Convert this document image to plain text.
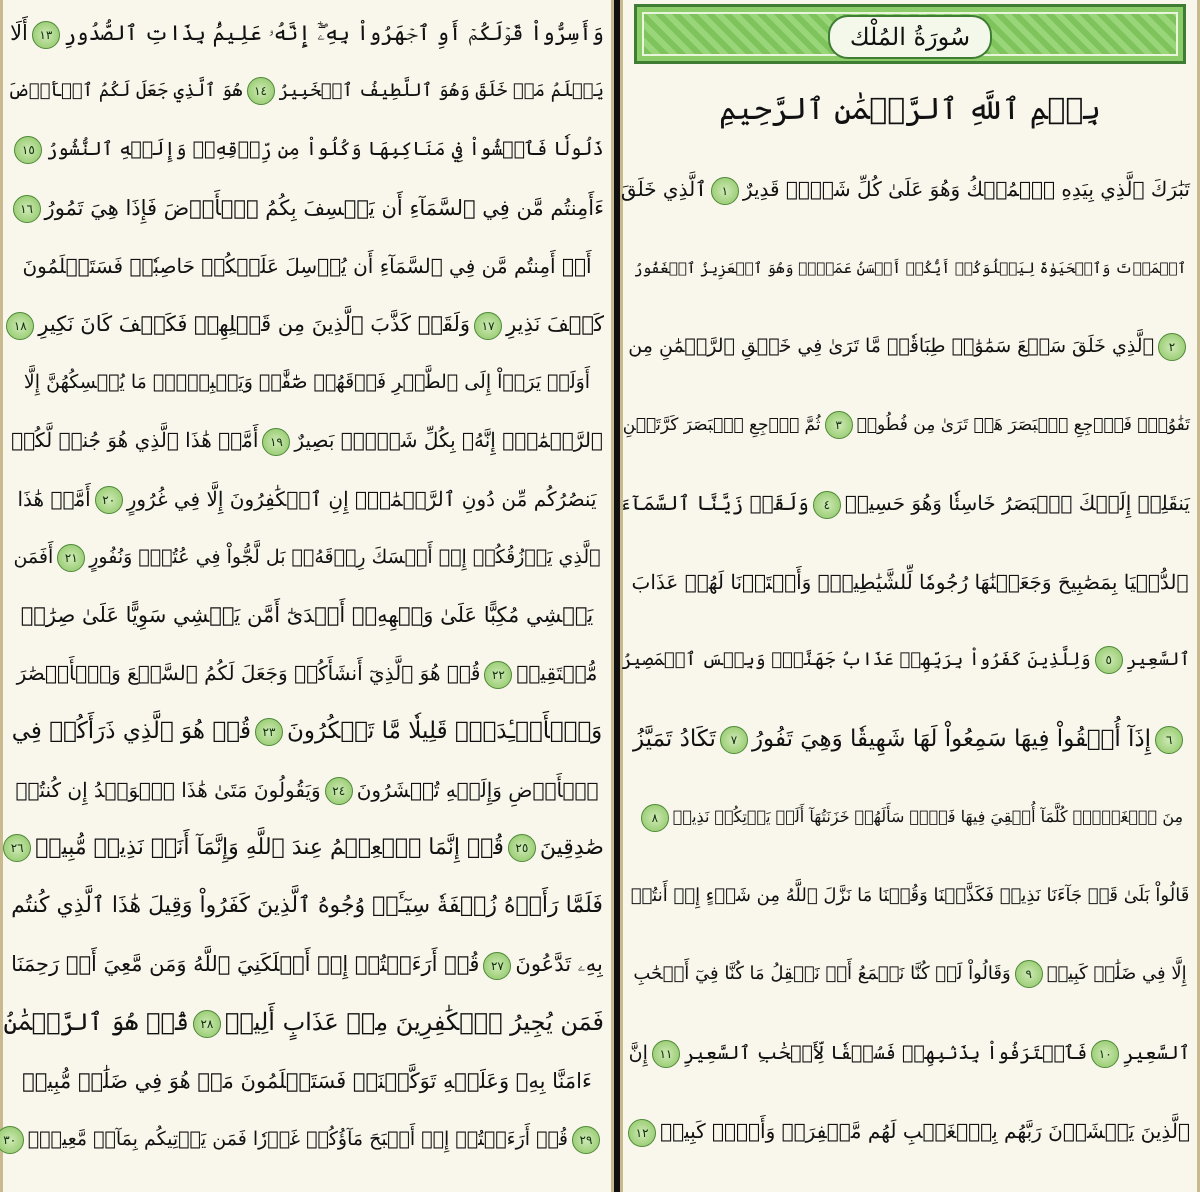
سُورَةُ المُلْك
بِسۡمِ ٱللَّهِ ٱلرَّحۡمَٰنِ ٱلرَّحِيمِ
تَبَٰرَكَ ٱلَّذِي بِيَدِهِ ٱلۡمُلۡكُ وَهُوَ عَلَىٰ كُلِّ شَيۡءٖ قَدِيرٌ١ٱلَّذِي خَلَقَ
ٱلۡمَوۡتَ وَٱلۡحَيَوٰةَ لِيَبۡلُوَكُمۡ أَيُّكُمۡ أَحۡسَنُ عَمَلٗاۚ وَهُوَ ٱلۡعَزِيزُ ٱلۡغَفُورُ
٢ٱلَّذِي خَلَقَ سَبۡعَ سَمَٰوَٰتٖ طِبَاقٗاۖ مَّا تَرَىٰ فِي خَلۡقِ ٱلرَّحۡمَٰنِ مِن
تَفَٰوُتٖۖ فَٱرۡجِعِ ٱلۡبَصَرَ هَلۡ تَرَىٰ مِن فُطُورٖ٣ثُمَّ ٱرۡجِعِ ٱلۡبَصَرَ كَرَّتَيۡنِ
يَنقَلِبۡ إِلَيۡكَ ٱلۡبَصَرُ خَاسِئٗا وَهُوَ حَسِيرٞ٤وَلَقَدۡ زَيَّنَّا ٱلسَّمَآءَ
ٱلدُّنۡيَا بِمَصَٰبِيحَ وَجَعَلۡنَٰهَا رُجُومٗا لِّلشَّيَٰطِينِۖ وَأَعۡتَدۡنَا لَهُمۡ عَذَابَ
ٱلسَّعِيرِ٥وَلِلَّذِينَ كَفَرُواْ بِرَبِّهِمۡ عَذَابُ جَهَنَّمَۖ وَبِئۡسَ ٱلۡمَصِيرُ
٦إِذَآ أُلۡقُواْ فِيهَا سَمِعُواْ لَهَا شَهِيقٗا وَهِيَ تَفُورُ٧تَكَادُ تَمَيَّزُ
مِنَ ٱلۡغَيۡظِۖ كُلَّمَآ أُلۡقِيَ فِيهَا فَوۡجٞ سَأَلَهُمۡ خَزَنَتُهَآ أَلَمۡ يَأۡتِكُمۡ نَذِيرٞ٨
قَالُواْ بَلَىٰ قَدۡ جَآءَنَا نَذِيرٞ فَكَذَّبۡنَا وَقُلۡنَا مَا نَزَّلَ ٱللَّهُ مِن شَيۡءٍ إِنۡ أَنتُمۡ
إِلَّا فِي ضَلَٰلٖ كَبِيرٖ٩وَقَالُواْ لَوۡ كُنَّا نَسۡمَعُ أَوۡ نَعۡقِلُ مَا كُنَّا فِيٓ أَصۡحَٰبِ
ٱلسَّعِيرِ١٠فَٱعۡتَرَفُواْ بِذَنۢبِهِمۡ فَسُحۡقٗا لِّأَصۡحَٰبِ ٱلسَّعِيرِ١١إِنَّ
ٱلَّذِينَ يَخۡشَوۡنَ رَبَّهُم بِٱلۡغَيۡبِ لَهُم مَّغۡفِرَةٞ وَأَجۡرٞ كَبِيرٞ١٢
وَأَسِرُّواْ قَوۡلَكُمۡ أَوِ ٱجۡهَرُواْ بِهِۦٓۖ إِنَّهُۥ عَلِيمُۢ بِذَاتِ ٱلصُّدُورِ١٣أَلَا
يَعۡلَمُ مَنۡ خَلَقَ وَهُوَ ٱللَّطِيفُ ٱلۡخَبِيرُ١٤هُوَ ٱلَّذِي جَعَلَ لَكُمُ ٱلۡأَرۡضَ
ذَلُولٗا فَٱمۡشُواْ فِي مَنَاكِبِهَا وَكُلُواْ مِن رِّزۡقِهِۦۖ وَإِلَيۡهِ ٱلنُّشُورُ١٥
ءَأَمِنتُم مَّن فِي ٱلسَّمَآءِ أَن يَخۡسِفَ بِكُمُ ٱلۡأَرۡضَ فَإِذَا هِيَ تَمُورُ١٦
أَمۡ أَمِنتُم مَّن فِي ٱلسَّمَآءِ أَن يُرۡسِلَ عَلَيۡكُمۡ حَاصِبٗاۖ فَسَتَعۡلَمُونَ
كَيۡفَ نَذِيرِ١٧وَلَقَدۡ كَذَّبَ ٱلَّذِينَ مِن قَبۡلِهِمۡ فَكَيۡفَ كَانَ نَكِيرِ١٨
أَوَلَمۡ يَرَوۡاْ إِلَى ٱلطَّيۡرِ فَوۡقَهُمۡ صَٰٓفَّٰتٖ وَيَقۡبِضۡنَۚ مَا يُمۡسِكُهُنَّ إِلَّا
ٱلرَّحۡمَٰنُۚ إِنَّهُۥ بِكُلِّ شَيۡءِۭ بَصِيرٌ١٩أَمَّنۡ هَٰذَا ٱلَّذِي هُوَ جُندٞ لَّكُمۡ
يَنصُرُكُم مِّن دُونِ ٱلرَّحۡمَٰنِۚ إِنِ ٱلۡكَٰفِرُونَ إِلَّا فِي غُرُورٍ٢٠أَمَّنۡ هَٰذَا
ٱلَّذِي يَرۡزُقُكُمۡ إِنۡ أَمۡسَكَ رِزۡقَهُۥۚ بَل لَّجُّواْ فِي عُتُوّٖ وَنُفُورٍ٢١أَفَمَن
يَمۡشِي مُكِبًّا عَلَىٰ وَجۡهِهِۦٓ أَهۡدَىٰٓ أَمَّن يَمۡشِي سَوِيًّا عَلَىٰ صِرَٰطٖ
مُّسۡتَقِيمٖ٢٢قُلۡ هُوَ ٱلَّذِيٓ أَنشَأَكُمۡ وَجَعَلَ لَكُمُ ٱلسَّمۡعَ وَٱلۡأَبۡصَٰرَ
وَٱلۡأَفۡـِٔدَةَۚ قَلِيلٗا مَّا تَشۡكُرُونَ٢٣قُلۡ هُوَ ٱلَّذِي ذَرَأَكُمۡ فِي
ٱلۡأَرۡضِ وَإِلَيۡهِ تُحۡشَرُونَ٢٤وَيَقُولُونَ مَتَىٰ هَٰذَا ٱلۡوَعۡدُ إِن كُنتُمۡ
صَٰدِقِينَ٢٥قُلۡ إِنَّمَا ٱلۡعِلۡمُ عِندَ ٱللَّهِ وَإِنَّمَآ أَنَا۠ نَذِيرٞ مُّبِينٞ٢٦
فَلَمَّا رَأَوۡهُ زُلۡفَةٗ سِيٓـَٔتۡ وُجُوهُ ٱلَّذِينَ كَفَرُواْ وَقِيلَ هَٰذَا ٱلَّذِي كُنتُم
بِهِۦ تَدَّعُونَ٢٧قُلۡ أَرَءَيۡتُمۡ إِنۡ أَهۡلَكَنِيَ ٱللَّهُ وَمَن مَّعِيَ أَوۡ رَحِمَنَا
فَمَن يُجِيرُ ٱلۡكَٰفِرِينَ مِنۡ عَذَابٍ أَلِيمٖ٢٨قُلۡ هُوَ ٱلرَّحۡمَٰنُ
ءَامَنَّا بِهِۦ وَعَلَيۡهِ تَوَكَّلۡنَاۖ فَسَتَعۡلَمُونَ مَنۡ هُوَ فِي ضَلَٰلٖ مُّبِينٖ
٢٩قُلۡ أَرَءَيۡتُمۡ إِنۡ أَصۡبَحَ مَآؤُكُمۡ غَوۡرٗا فَمَن يَأۡتِيكُم بِمَآءٖ مَّعِينِۭ٣٠
